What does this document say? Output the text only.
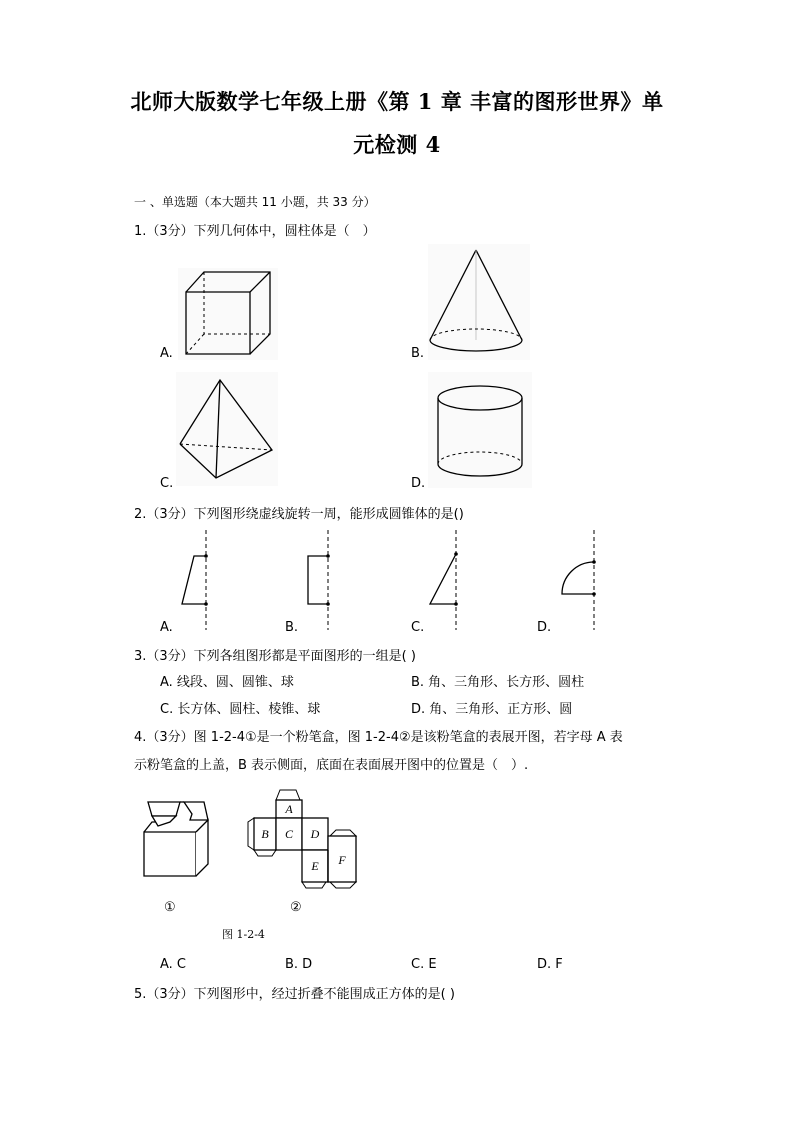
北师大版数学七年级上册《第 1 章 丰富的图形世界》单
元检测 4
一 、单选题（本大题共 11 小题，共 33 分）
1.（3分）下列几何体中，圆柱体是（　）
A.	B.
C.	D.
2.（3分）下列图形绕虚线旋转一周，能形成圆锥体的是()
A.	B.	C.	D.
3.（3分）下列各组图形都是平面图形的一组是( )
A. 线段、圆、圆锥、球	B. 角、三角形、长方形、圆柱
C. 长方体、圆柱、棱锥、球	D. 角、三角形、正方形、圆
4.（3分）图 1-2-4①是一个粉笔盒，图 1-2-4②是该粉笔盒的表展开图，若字母 A 表
示粉笔盒的上盖，B 表示侧面，底面在表面展开图中的位置是（　）.
①
A
B C D
E F
②
图 1-2-4
A. C	B. D	C. E	D. F
5.（3分）下列图形中，经过折叠不能围成正方体的是( )
